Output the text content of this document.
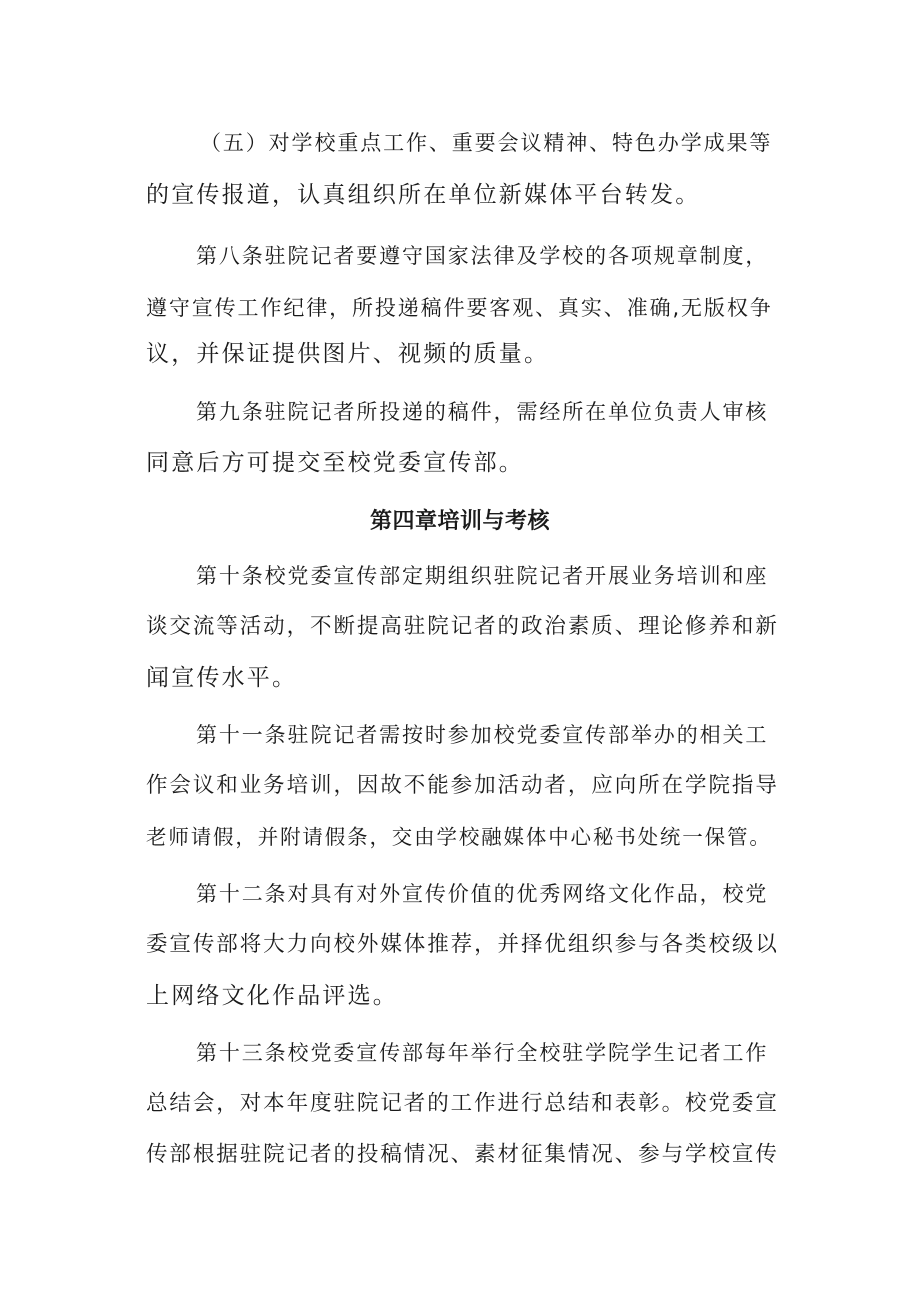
（五）对学校重点工作、重要会议精神、特色办学成果等
的宣传报道，认真组织所在单位新媒体平台转发。
第八条驻院记者要遵守国家法律及学校的各项规章制度，
遵守宣传工作纪律，所投递稿件要客观、真实、准确,无版权争
议，并保证提供图片、视频的质量。
第九条驻院记者所投递的稿件，需经所在单位负责人审核
同意后方可提交至校党委宣传部。
第四章培训与考核
第十条校党委宣传部定期组织驻院记者开展业务培训和座
谈交流等活动，不断提高驻院记者的政治素质、理论修养和新
闻宣传水平。
第十一条驻院记者需按时参加校党委宣传部举办的相关工
作会议和业务培训，因故不能参加活动者，应向所在学院指导
老师请假，并附请假条，交由学校融媒体中心秘书处统一保管。
第十二条对具有对外宣传价值的优秀网络文化作品，校党
委宣传部将大力向校外媒体推荐，并择优组织参与各类校级以
上网络文化作品评选。
第十三条校党委宣传部每年举行全校驻学院学生记者工作
总结会，对本年度驻院记者的工作进行总结和表彰。校党委宣
传部根据驻院记者的投稿情况、素材征集情况、参与学校宣传
